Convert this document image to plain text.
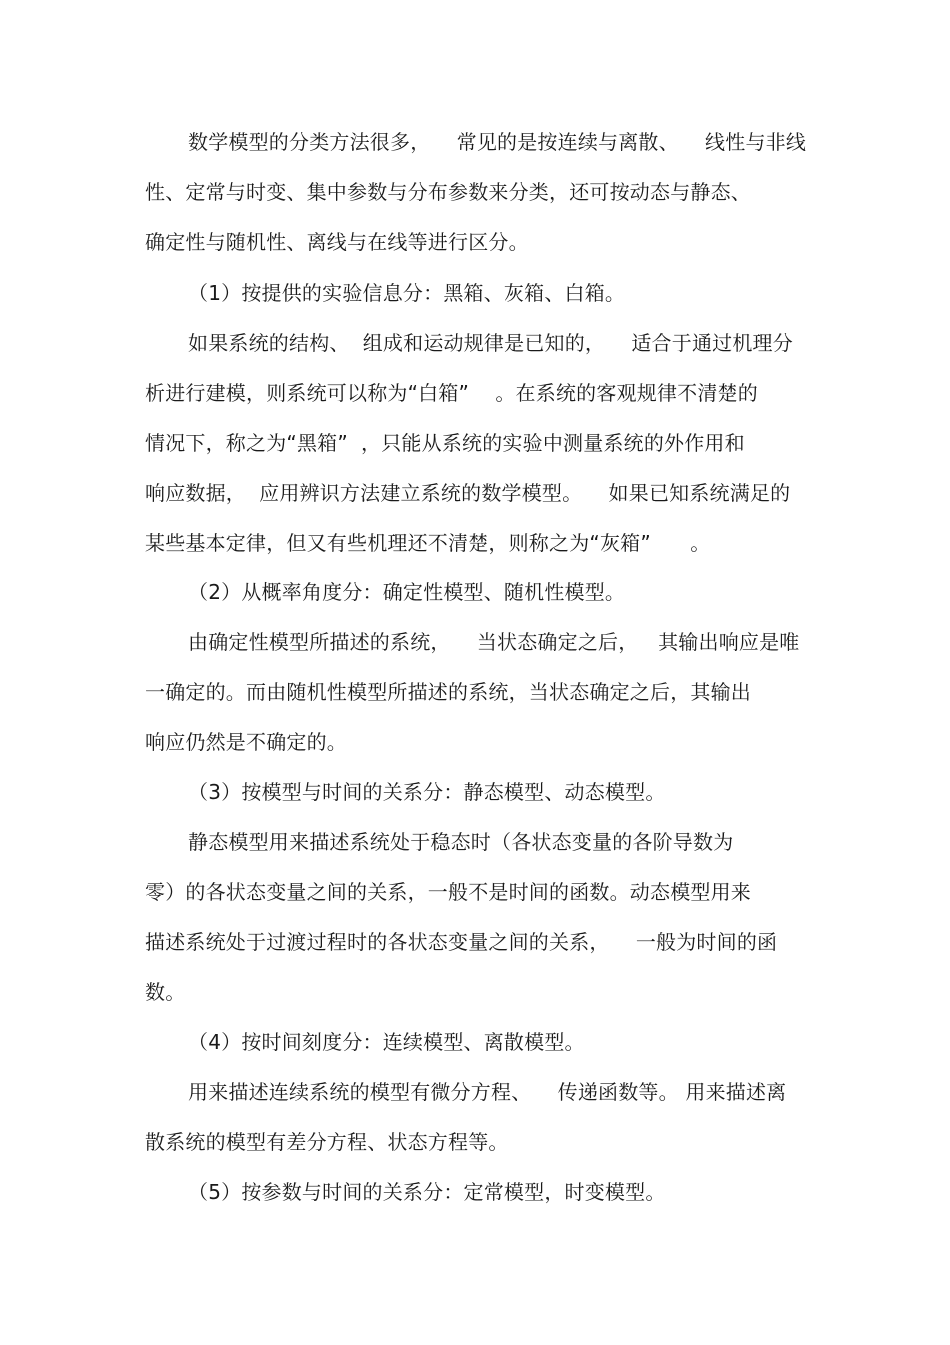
数学模型的分类方法很多，    常见的是按连续与离散、    线性与非线
性、定常与时变、集中参数与分布参数来分类，还可按动态与静态、
确定性与随机性、离线与在线等进行区分。
（1）按提供的实验信息分：黑箱、灰箱、白箱。
如果系统的结构、  组成和运动规律是已知的，    适合于通过机理分
析进行建模，则系统可以称为“白箱”    。在系统的客观规律不清楚的
情况下，称之为“黑箱”  ，只能从系统的实验中测量系统的外作用和
响应数据，  应用辨识方法建立系统的数学模型。    如果已知系统满足的
某些基本定律，但又有些机理还不清楚，则称之为“灰箱”      。
（2）从概率角度分：确定性模型、随机性模型。
由确定性模型所描述的系统，    当状态确定之后，   其输出响应是唯
一确定的。而由随机性模型所描述的系统，当状态确定之后，其输出
响应仍然是不确定的。
（3）按模型与时间的关系分：静态模型、动态模型。
静态模型用来描述系统处于稳态时（各状态变量的各阶导数为
零）的各状态变量之间的关系，一般不是时间的函数。动态模型用来
描述系统处于过渡过程时的各状态变量之间的关系，    一般为时间的函
数。
（4）按时间刻度分：连续模型、离散模型。
用来描述连续系统的模型有微分方程、    传递函数等。 用来描述离
散系统的模型有差分方程、状态方程等。
（5）按参数与时间的关系分：定常模型，时变模型。
